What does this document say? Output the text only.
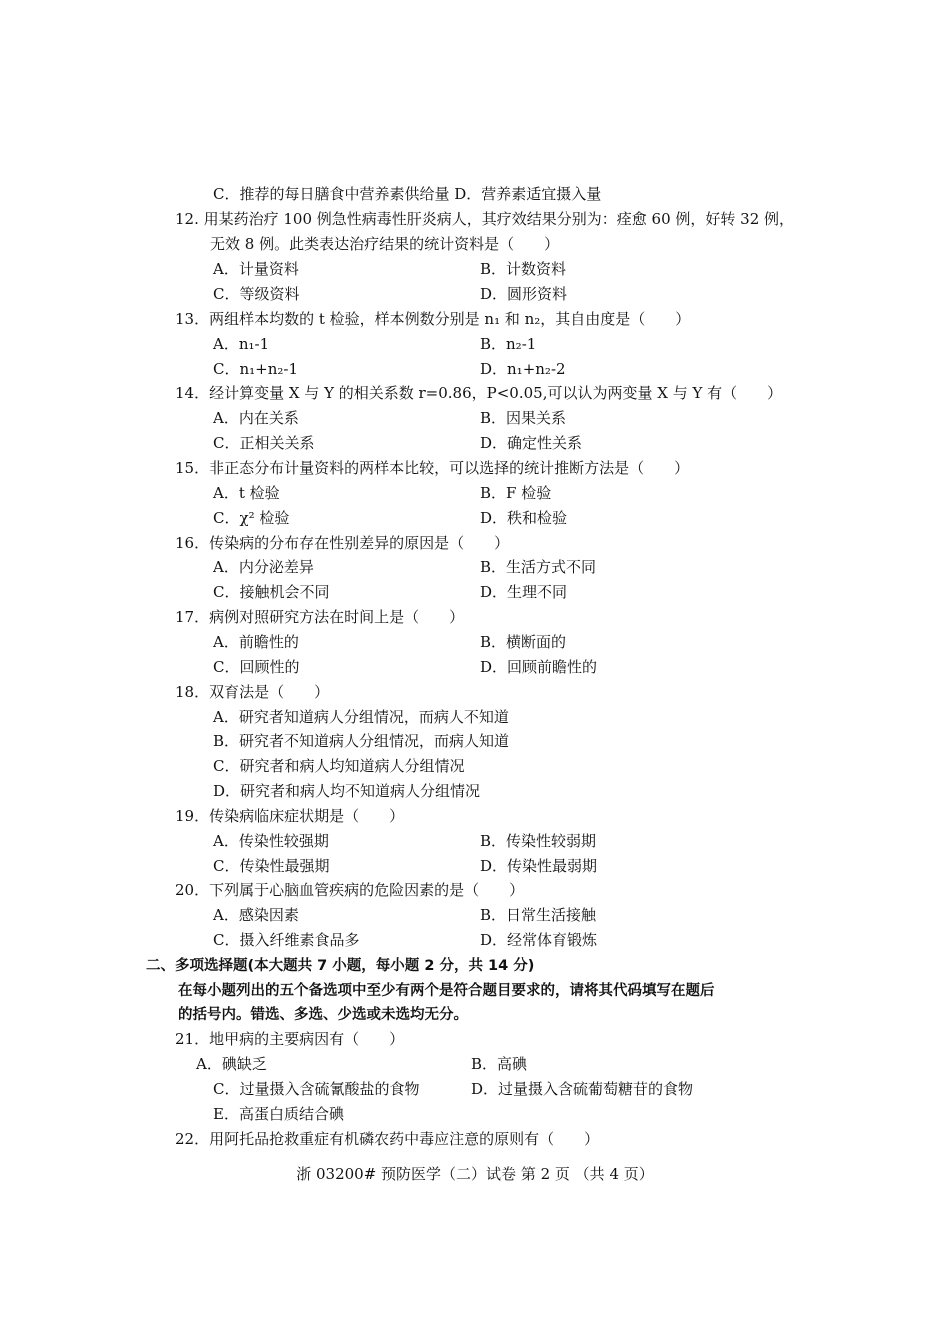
C．推荐的每日膳食中营养素供给量 D．营养素适宜摄入量
12. 用某药治疗 100 例急性病毒性肝炎病人，其疗效结果分别为：痊愈 60 例，好转 32 例，
无效 8 例。此类表达治疗结果的统计资料是（　　）
A．计量资料	B．计数资料
C．等级资料	D．圆形资料
13．两组样本均数的 t 检验，样本例数分别是 n₁ 和 n₂，其自由度是（　　）
A．n₁-1	B．n₂-1
C．n₁+n₂-1	D．n₁+n₂-2
14．经计算变量 X 与 Y 的相关系数 r=0.86，P<0.05,可以认为两变量 X 与 Y 有（　　）
A．内在关系	B．因果关系
C．正相关关系	D．确定性关系
15．非正态分布计量资料的两样本比较，可以选择的统计推断方法是（　　）
A．t 检验	B．F 检验
C．χ² 检验	D．秩和检验
16．传染病的分布存在性别差异的原因是（　　）
A．内分泌差异	B．生活方式不同
C．接触机会不同	D．生理不同
17．病例对照研究方法在时间上是（　　）
A．前瞻性的	B．横断面的
C．回顾性的	D．回顾前瞻性的
18．双育法是（　　）
A．研究者知道病人分组情况，而病人不知道
B．研究者不知道病人分组情况，而病人知道
C．研究者和病人均知道病人分组情况
D．研究者和病人均不知道病人分组情况
19．传染病临床症状期是（　　）
A．传染性较强期	B．传染性较弱期
C．传染性最强期	D．传染性最弱期
20．下列属于心脑血管疾病的危险因素的是（　　）
A．感染因素	B．日常生活接触
C．摄入纤维素食品多	D．经常体育锻炼
二、多项选择题(本大题共 7 小题，每小题 2 分，共 14 分)
在每小题列出的五个备选项中至少有两个是符合题目要求的，请将其代码填写在题后
的括号内。错选、多选、少选或未选均无分。
21．地甲病的主要病因有（　　）
A．碘缺乏	B．高碘
C．过量摄入含硫氰酸盐的食物	D．过量摄入含硫葡萄糖苷的食物
E．高蛋白质结合碘
22．用阿托品抢救重症有机磷农药中毒应注意的原则有（　　）
浙 03200# 预防医学（二）试卷 第 2 页 （共 4 页）
